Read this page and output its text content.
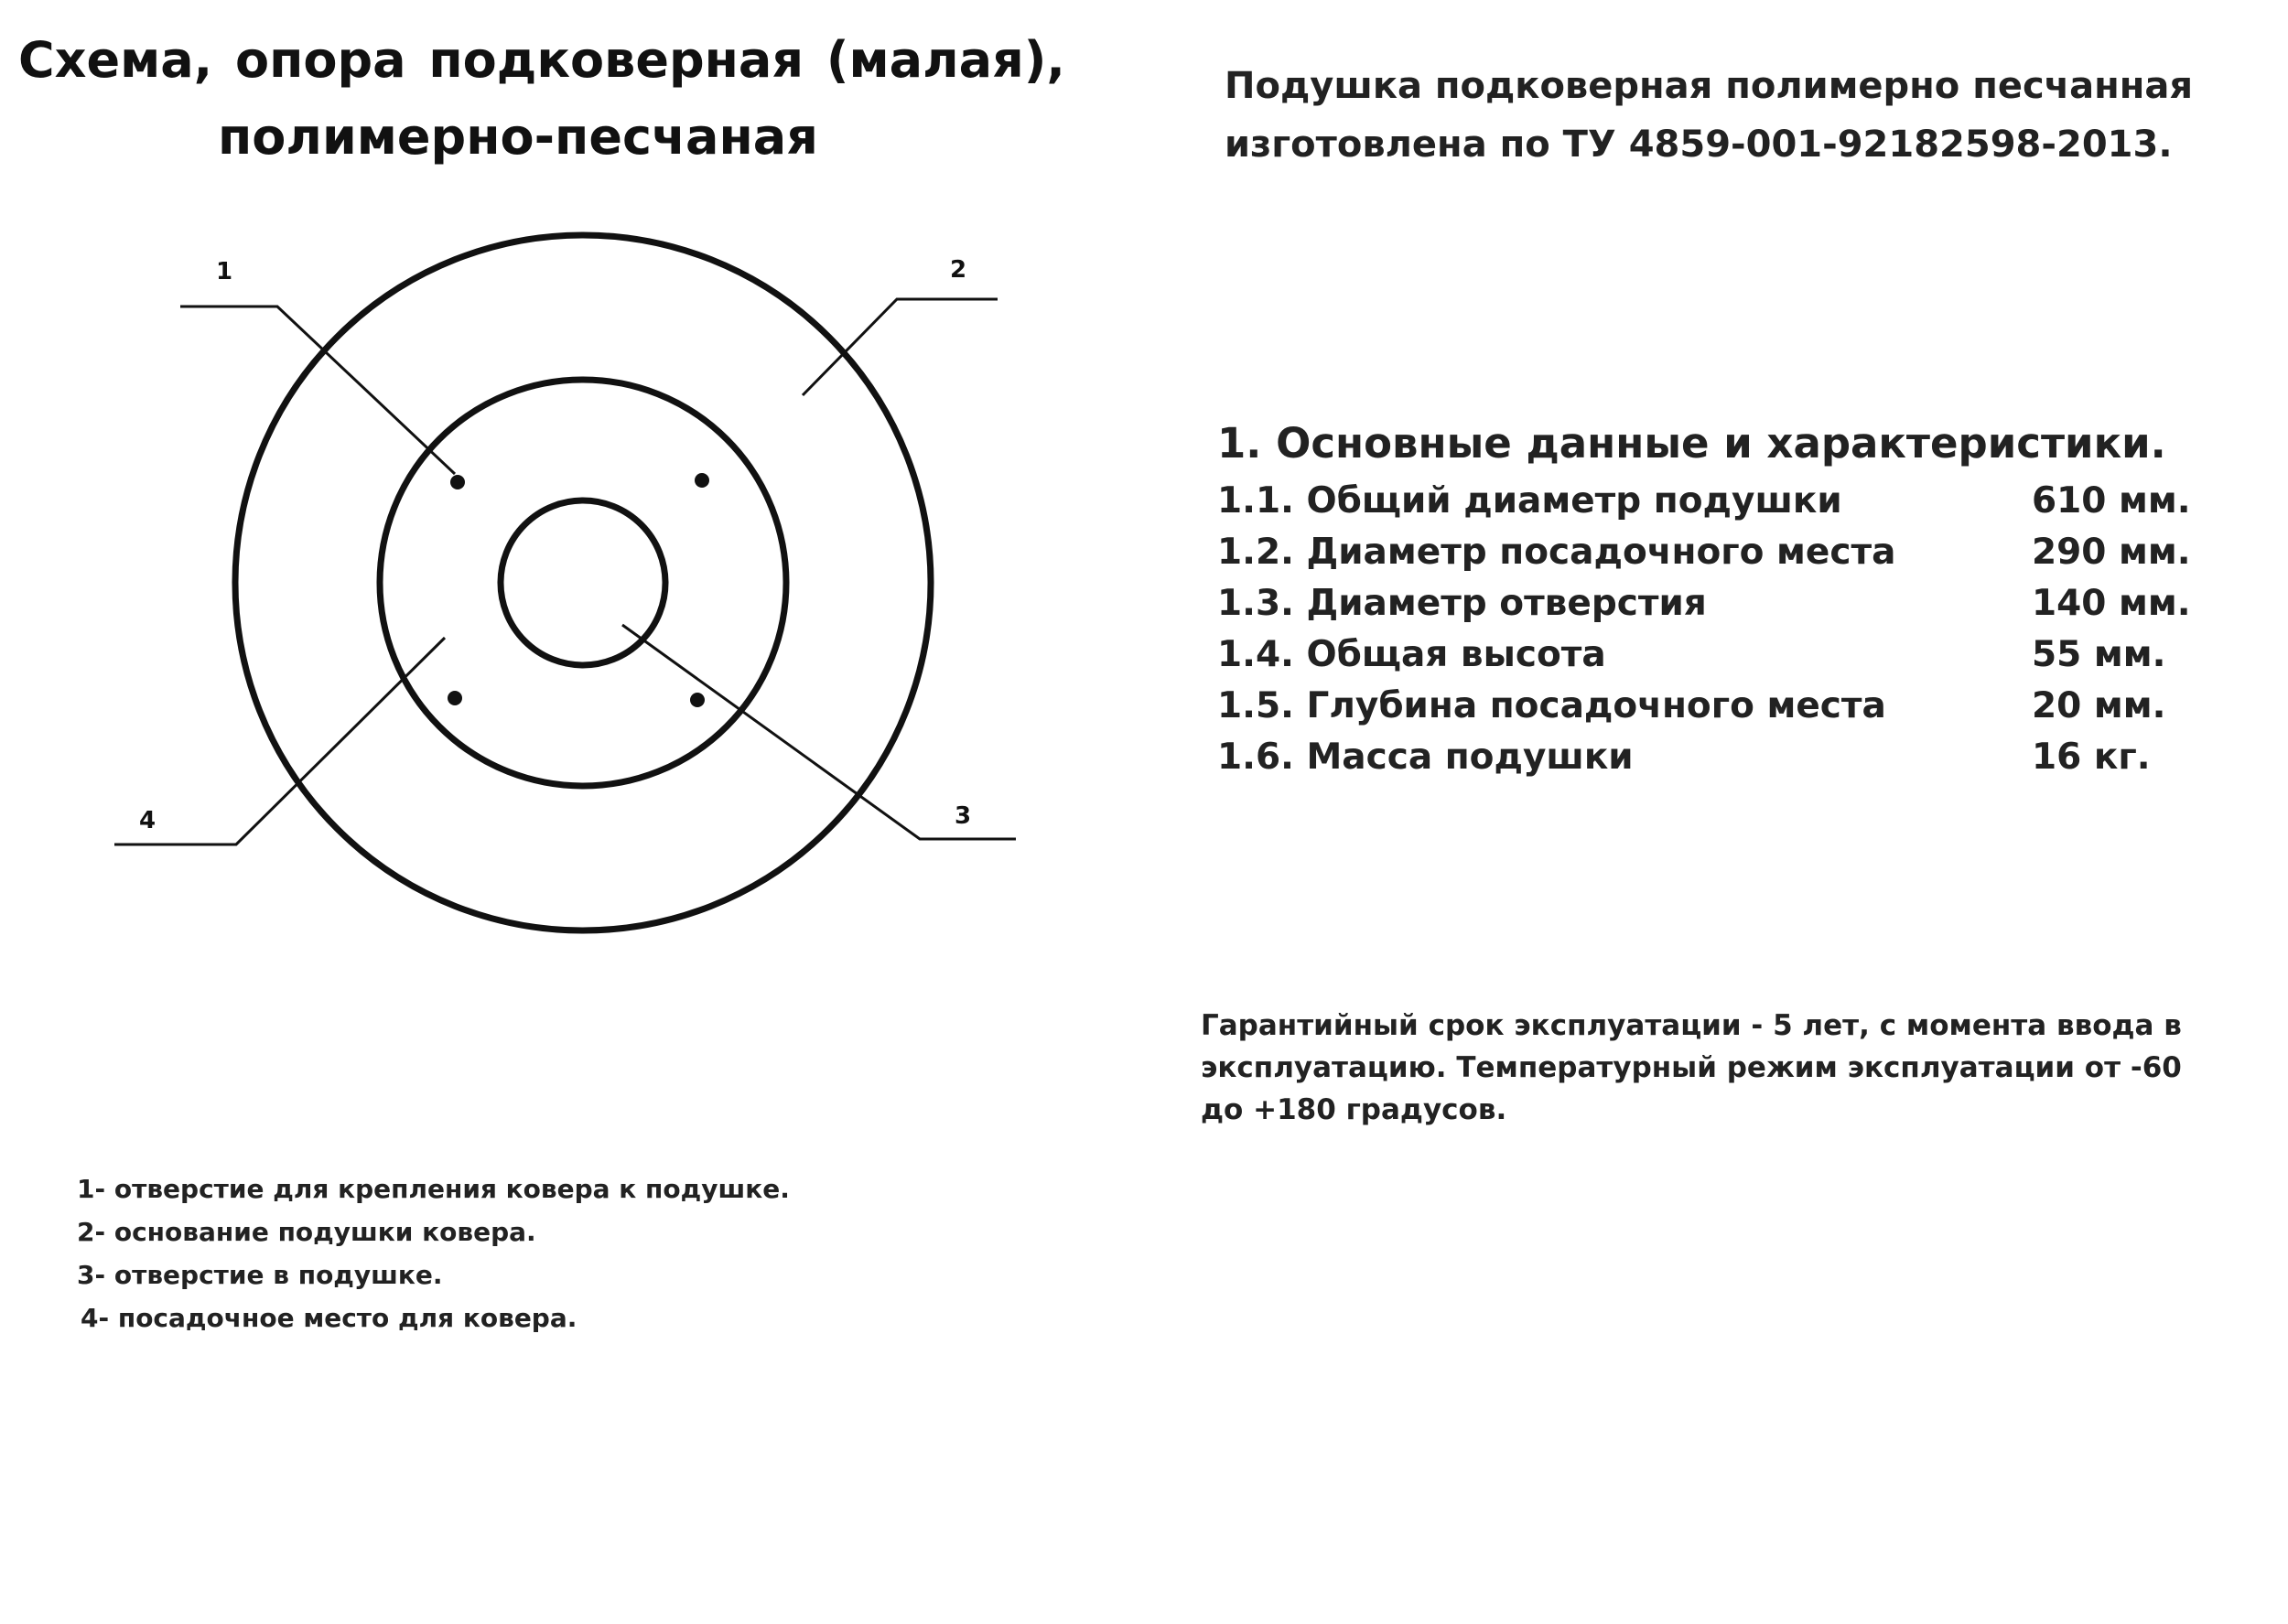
Схема, опора подковерная (малая),
полимерно-песчаная
Подушка подковерная полимерно песчанная
изготовлена по ТУ 4859-001-92182598-2013.
1	2
3
4
1. Основные данные и характеристики.
1.1. Общий диаметр подушки	610 мм.
1.2. Диаметр посадочного места	290 мм.
1.3. Диаметр отверстия	140 мм.
1.4. Общая высота	55 мм.
1.5. Глубина посадочного места	20 мм.
1.6. Масса подушки	16 кг.
Гарантийный срок эксплуатации - 5 лет, с момента ввода в
эксплуатацию. Температурный режим эксплуатации от -60
до +180 градусов.
1- отверстие для крепления ковера к подушке.
2- основание подушки ковера.
3- отверстие в подушке.
4- посадочное место для ковера.
